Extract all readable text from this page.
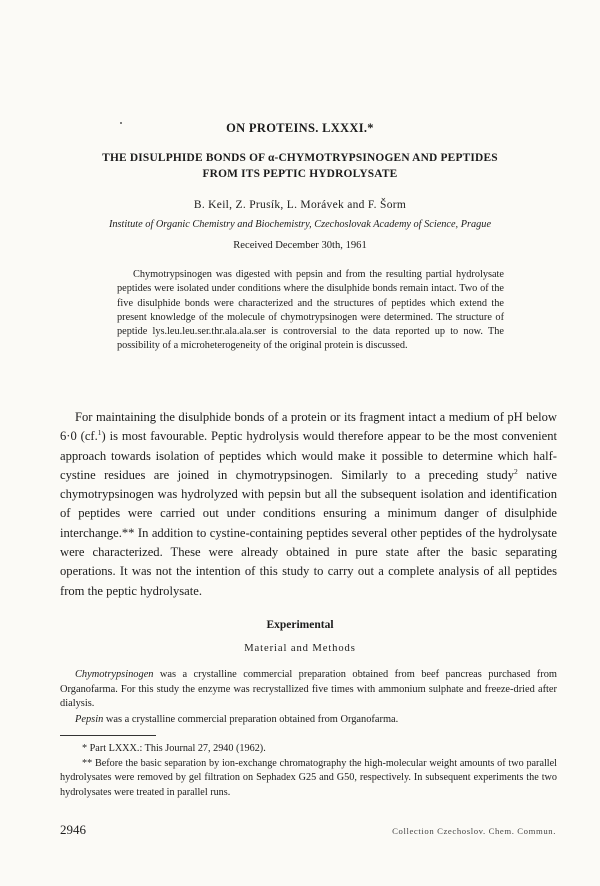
ON PROTEINS. LXXXI.*
THE DISULPHIDE BONDS OF α-CHYMOTRYPSINOGEN AND PEPTIDES
FROM ITS PEPTIC HYDROLYSATE
B. Keil, Z. Prusík, L. Morávek and F. Šorm
Institute of Organic Chemistry and Biochemistry, Czechoslovak Academy of Science, Prague
Received December 30th, 1961
Chymotrypsinogen was digested with pepsin and from the resulting partial hydrolysate peptides were isolated under conditions where the disulphide bonds remain intact. Two of the five disulphide bonds were characterized and the structures of peptides which extend the present knowledge of the molecule of chymotrypsinogen were determined. The structure of peptide lys.leu.leu.ser.thr.ala.ala.ser is controversial to the data reported up to now. The possibility of a microheterogeneity of the original protein is discussed.
For maintaining the disulphide bonds of a protein or its fragment intact a medium of pH below 6·0 (cf.$^1$) is most favourable. Peptic hydrolysis would therefore appear to be the most convenient approach towards isolation of peptides which would make it possible to determine which half-cystine residues are joined in chymotrypsinogen. Similarly to a preceding study$^2$ native chymotrypsinogen was hydrolyzed with pepsin but all the subsequent isolation and identification of peptides were carried out under conditions ensuring a minimum danger of disulphide interchange.** In addition to cystine-containing peptides several other peptides of the hydrolysate were characterized. These were already obtained in pure state after the basic separating operations. It was not the intention of this study to carry out a complete analysis of all peptides from the peptic hydrolysate.
Experimental
Material and Methods
Chymotrypsinogen was a crystalline commercial preparation obtained from beef pancreas purchased from Organofarma. For this study the enzyme was recrystallized five times with ammonium sulphate and freeze-dried after dialysis.
Pepsin was a crystalline commercial preparation obtained from Organofarma.
* Part LXXX.: This Journal 27, 2940 (1962).
** Before the basic separation by ion-exchange chromatography the high-molecular weight amounts of two parallel hydrolysates were removed by gel filtration on Sephadex G25 and G50, respectively. In subsequent experiments the two hydrolysates were treated in parallel runs.
2946	Collection Czechoslov. Chem. Commun.
